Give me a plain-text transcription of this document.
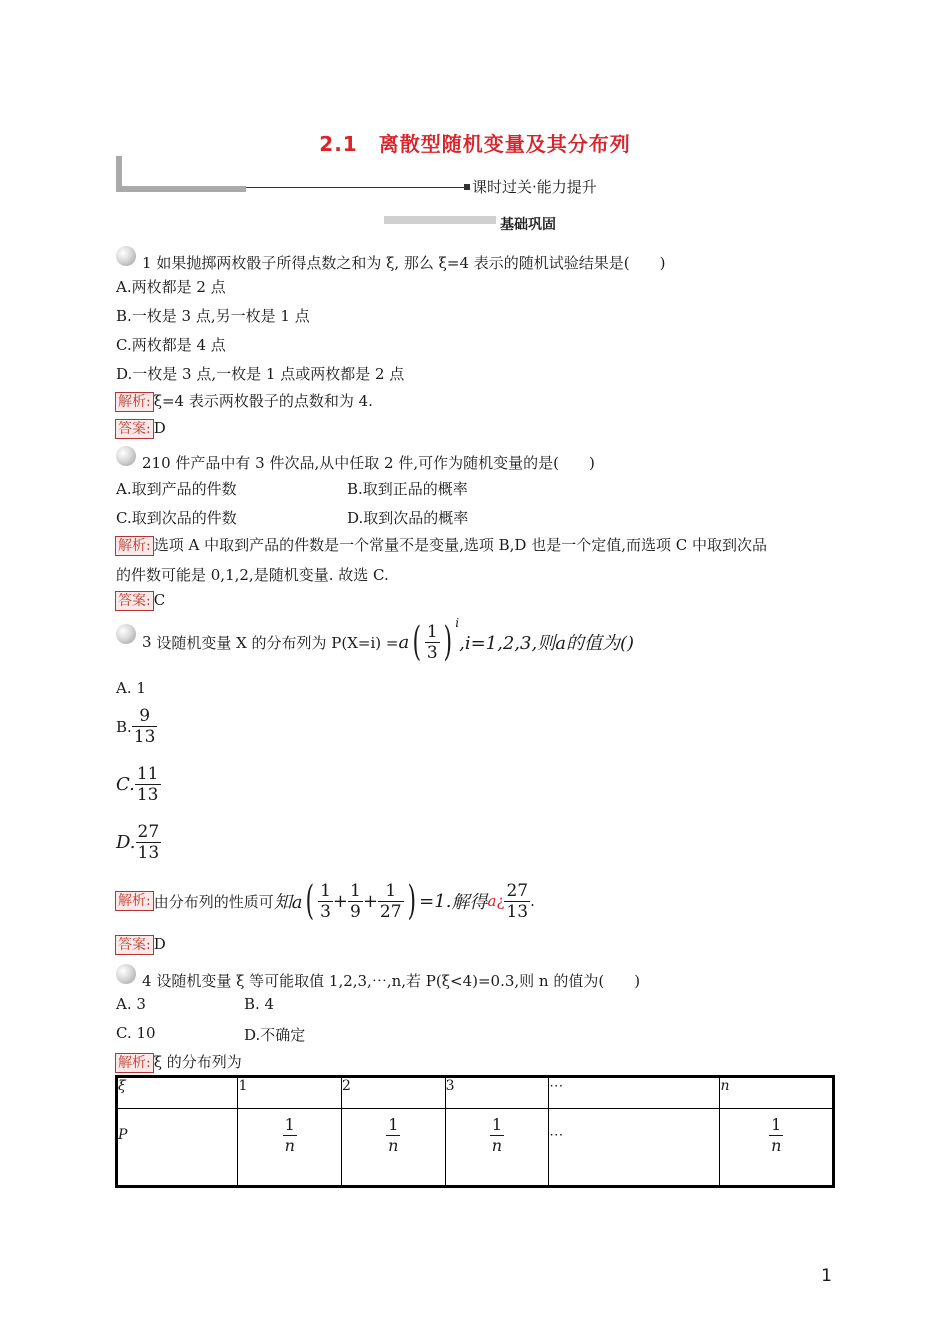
2.1　离散型随机变量及其分布列
课时过关·能力提升
基础巩固
1 如果抛掷两枚骰子所得点数之和为 ξ, 那么 ξ=4 表示的随机试验结果是(　　)
A.两枚都是 2 点
B.一枚是 3 点,另一枚是 1 点
C.两枚都是 4 点
D.一枚是 3 点,一枚是 1 点或两枚都是 2 点
解析: ξ=4 表示两枚骰子的点数和为 4.
答案: D
210 件产品中有 3 件次品,从中任取 2 件,可作为随机变量的是(　　)
A.取到产品的件数	B.取到正品的概率
C.取到次品的件数	D.取到次品的概率
解析: 选项 A 中取到产品的件数是一个常量不是变量,选项 B,D 也是一个定值,而选项 C 中取到次品
的件数可能是 0,1,2,是随机变量. 故选 C.
答案: C
3
设随机变量 X 的分布列为 P(X=i) = a ( $\frac{1}{3}$ ) $^i$
,i=1,2,3,则a的值为()
A. 1
B. $\frac{9}{13}$
C. $\frac{11}{13}$
D. $\frac{27}{13}$
解析: 由分布列的性质可 知a ( $\frac{1}{3} + \frac{1}{9} + \frac{1}{27}$ ) =1. 解得 a ¿ $\frac{27}{13}$ .
答案: D
4 设随机变量 ξ 等可能取值 1,2,3,⋯,n,若 P(ξ<4)=0.3,则 n 的值为(　　)
A. 3	B. 4
C. 10	D.不确定
解析: ξ 的分布列为
ξ	1	2	3	⋯	n
P	$\frac{1}{n}$	$\frac{1}{n}$	$\frac{1}{n}$	⋯	$\frac{1}{n}$
1
